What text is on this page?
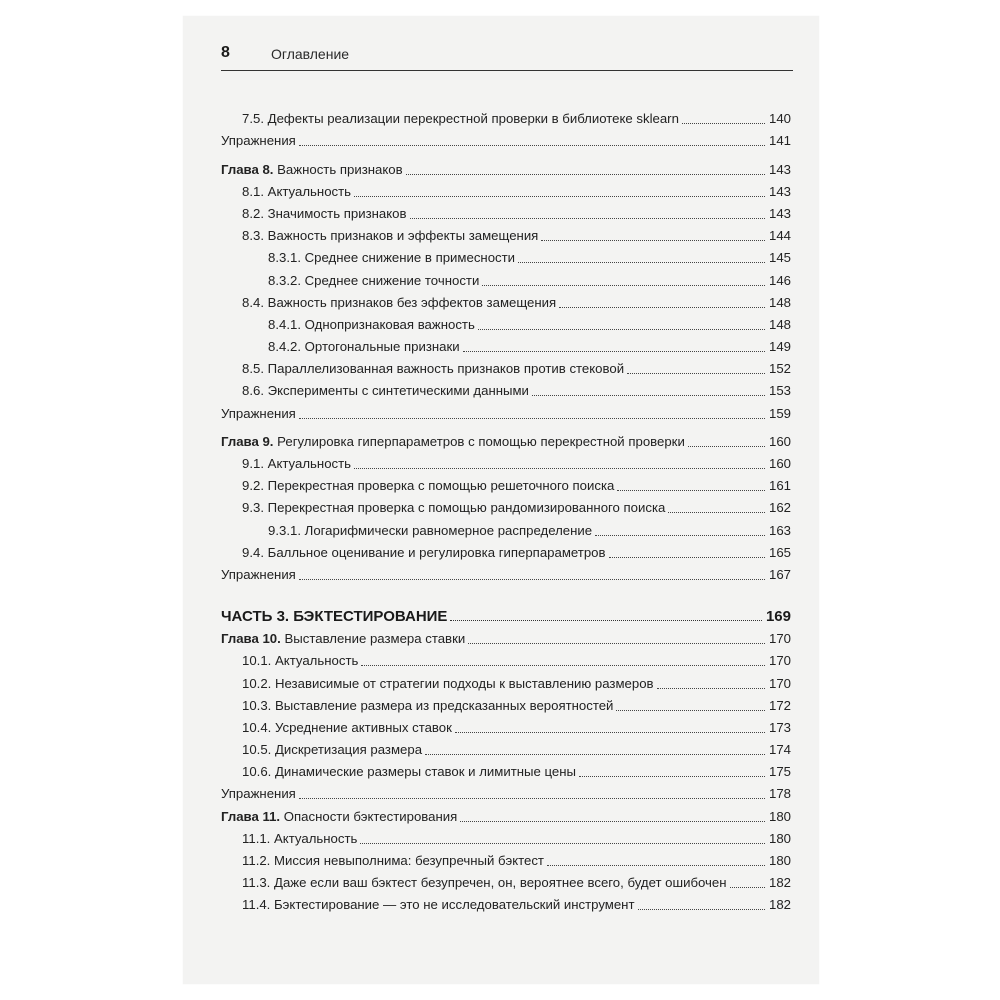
8	Оглавление
7.5. Дефекты реализации перекрестной проверки в библиотеке sklearn	140
Упражнения	141
Глава 8. Важность признаков	143
8.1. Актуальность	143
8.2. Значимость признаков	143
8.3. Важность признаков и эффекты замещения	144
8.3.1. Среднее снижение в примесности	145
8.3.2. Среднее снижение точности	146
8.4. Важность признаков без эффектов замещения	148
8.4.1. Однопризнаковая важность	148
8.4.2. Ортогональные признаки	149
8.5. Параллелизованная важность признаков против стековой	152
8.6. Эксперименты с синтетическими данными	153
Упражнения	159
Глава 9. Регулировка гиперпараметров с помощью перекрестной проверки	160
9.1. Актуальность	160
9.2. Перекрестная проверка с помощью решеточного поиска	161
9.3. Перекрестная проверка с помощью рандомизированного поиска	162
9.3.1. Логарифмически равномерное распределение	163
9.4. Балльное оценивание и регулировка гиперпараметров	165
Упражнения	167
ЧАСТЬ 3. БЭКТЕСТИРОВАНИЕ	169
Глава 10. Выставление размера ставки	170
10.1. Актуальность	170
10.2. Независимые от стратегии подходы к выставлению размеров	170
10.3. Выставление размера из предсказанных вероятностей	172
10.4. Усреднение активных ставок	173
10.5. Дискретизация размера	174
10.6. Динамические размеры ставок и лимитные цены	175
Упражнения	178
Глава 11. Опасности бэктестирования	180
11.1. Актуальность	180
11.2. Миссия невыполнима: безупречный бэктест	180
11.3. Даже если ваш бэктест безупречен, он, вероятнее всего, будет ошибочен	182
11.4. Бэктестирование — это не исследовательский инструмент	182
